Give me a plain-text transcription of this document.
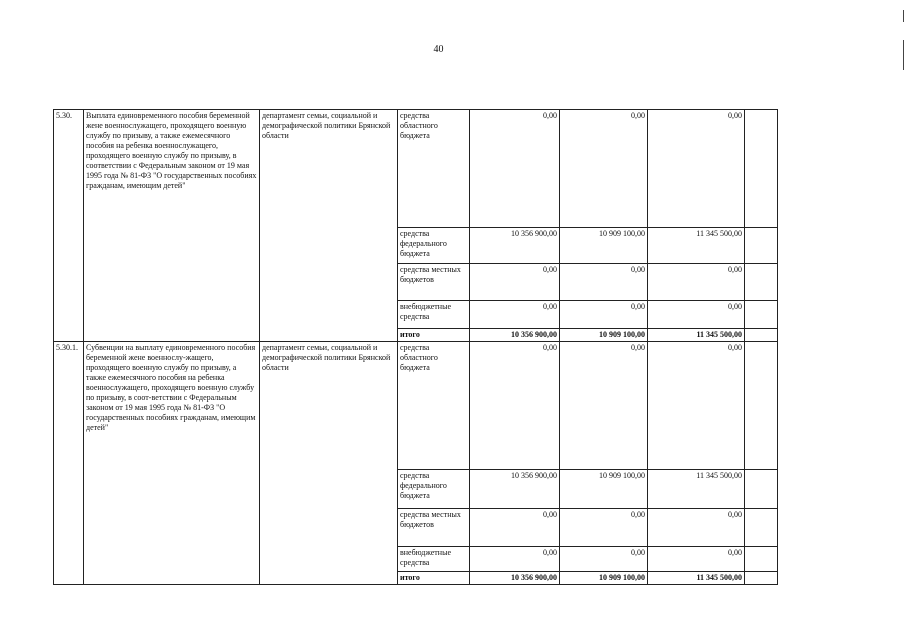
40
5.30.	Выплата единовременного пособия беременной жене военнослужащего, проходящего военную службу по призыву, а также ежемесячного пособия на ребенка военнослужащего, проходящего военную службу по призыву, в соответствии с Федеральным законом от 19 мая 1995 года № 81-ФЗ "О государственных пособиях гражданам, имеющим детей"	департамент семьи, социальной и демографической политики Брянской области	средства областного бюджета	0,00	0,00	0,00	
			средства федерального бюджета	10 356 900,00	10 909 100,00	11 345 500,00	
			средства местных бюджетов	0,00	0,00	0,00	
			внебюджетные средства	0,00	0,00	0,00	
			итого	10 356 900,00	10 909 100,00	11 345 500,00	
5.30.1.	Субвенции на выплату единовременного пособия беременной жене военнослу-жащего, проходящего военную службу по призыву, а также ежемесячного пособия на ребенка военнослужащего, проходящего военную службу по призыву, в соот-ветствии с Федеральным законом от 19 мая 1995 года № 81-ФЗ "О государственных пособиях гражданам, имеющим детей"	департамент семьи, социальной и демографической политики Брянской области	средства областного бюджета	0,00	0,00	0,00	
			средства федерального бюджета	10 356 900,00	10 909 100,00	11 345 500,00	
			средства местных бюджетов	0,00	0,00	0,00	
			внебюджетные средства	0,00	0,00	0,00	
			итого	10 356 900,00	10 909 100,00	11 345 500,00	
